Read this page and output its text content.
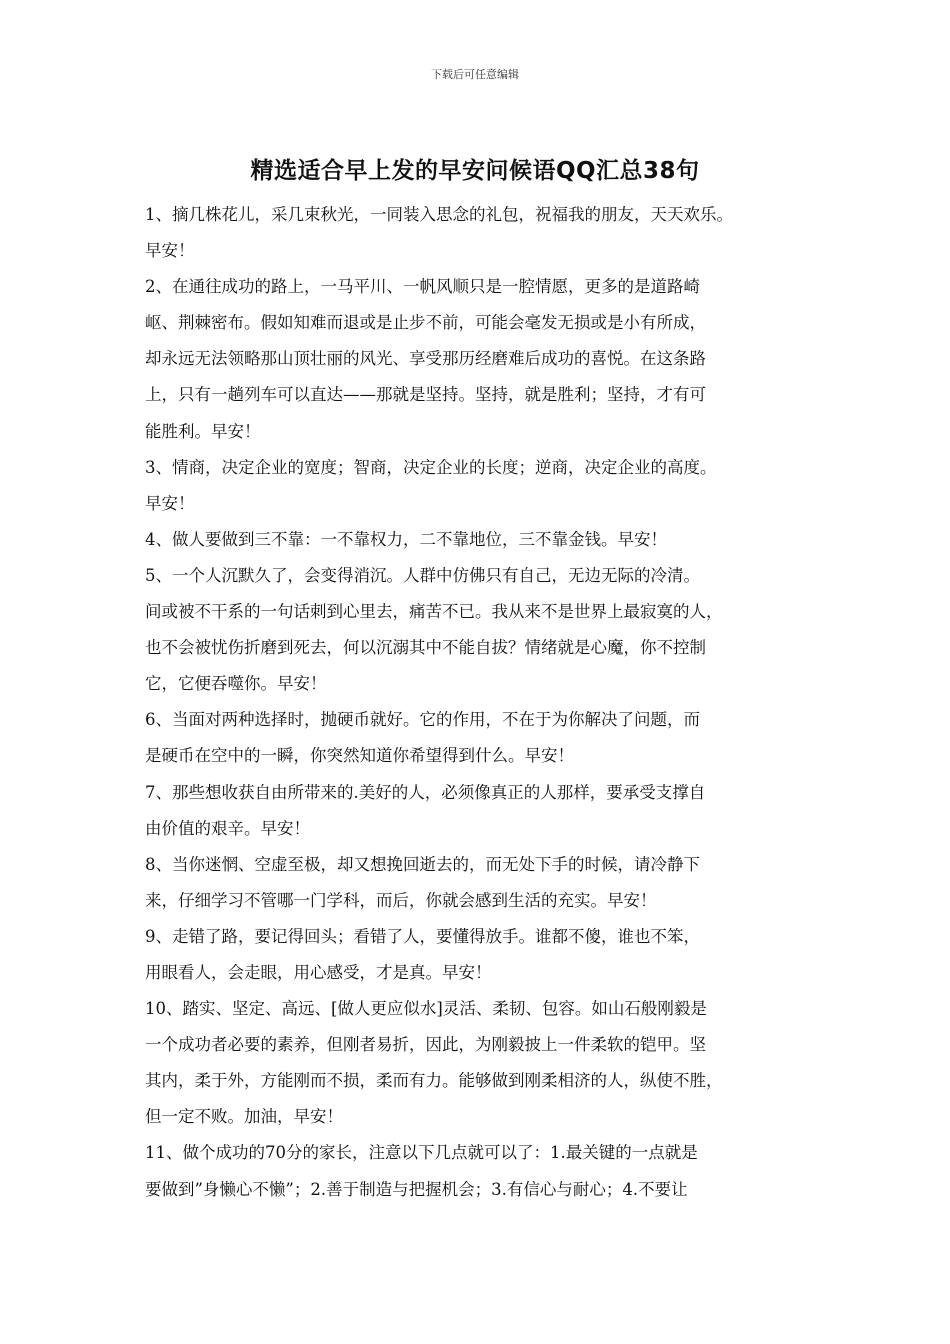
下载后可任意编辑
精选适合早上发的早安问候语QQ汇总38句
1、摘几株花儿，采几束秋光，一同装入思念的礼包，祝福我的朋友，天天欢乐。
早安！
2、在通往成功的路上，一马平川、一帆风顺只是一腔情愿，更多的是道路崎
岖、荆棘密布。假如知难而退或是止步不前，可能会毫发无损或是小有所成，
却永远无法领略那山顶壮丽的风光、享受那历经磨难后成功的喜悦。在这条路
上，只有一趟列车可以直达——那就是坚持。坚持，就是胜利；坚持，才有可
能胜利。早安！
3、情商，决定企业的宽度；智商，决定企业的长度；逆商，决定企业的高度。
早安！
4、做人要做到三不靠：一不靠权力，二不靠地位，三不靠金钱。早安！
5、一个人沉默久了，会变得消沉。人群中仿佛只有自己，无边无际的冷清。
间或被不干系的一句话刺到心里去，痛苦不已。我从来不是世界上最寂寞的人，
也不会被忧伤折磨到死去，何以沉溺其中不能自拔？情绪就是心魔，你不控制
它，它便吞噬你。早安！
6、当面对两种选择时，抛硬币就好。它的作用，不在于为你解决了问题，而
是硬币在空中的一瞬，你突然知道你希望得到什么。早安！
7、那些想收获自由所带来的.美好的人，必须像真正的人那样，要承受支撑自
由价值的艰辛。早安！
8、当你迷惘、空虚至极，却又想挽回逝去的，而无处下手的时候，请冷静下
来，仔细学习不管哪一门学科，而后，你就会感到生活的充实。早安！
9、走错了路，要记得回头；看错了人，要懂得放手。谁都不傻，谁也不笨，
用眼看人，会走眼，用心感受，才是真。早安！
10、踏实、坚定、高远、[做人更应似水]灵活、柔韧、包容。如山石般刚毅是
一个成功者必要的素养，但刚者易折，因此，为刚毅披上一件柔软的铠甲。坚
其内，柔于外，方能刚而不损，柔而有力。能够做到刚柔相济的人，纵使不胜，
但一定不败。加油，早安！
11、做个成功的70分的家长，注意以下几点就可以了：1.最关键的一点就是
要做到”身懒心不懒”；2.善于制造与把握机会；3.有信心与耐心；4.不要让
